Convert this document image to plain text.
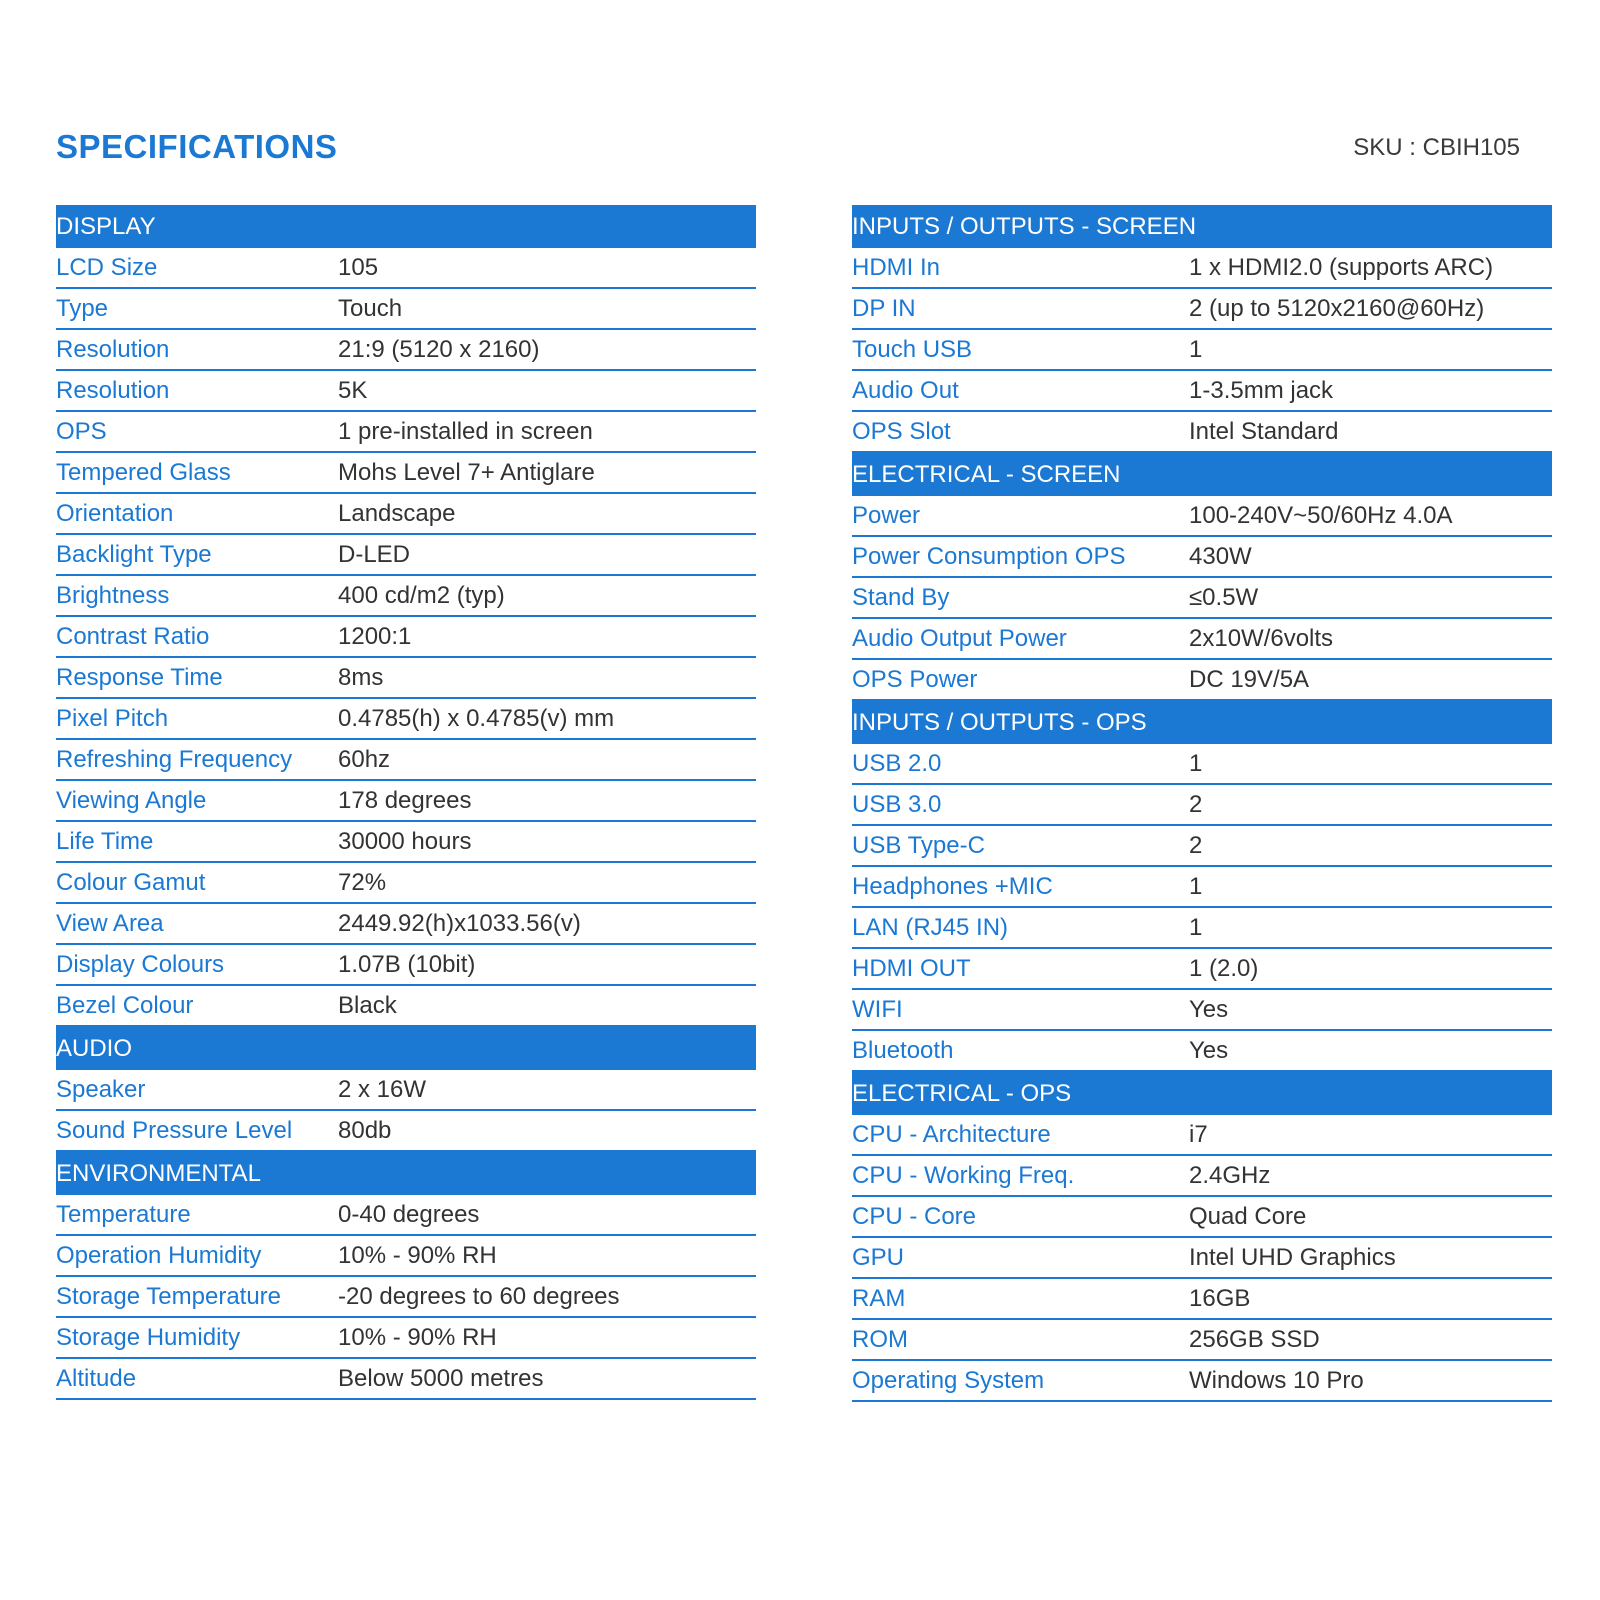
SPECIFICATIONS	SKU : CBIH105
DISPLAY
LCD Size	105
Type	Touch
Resolution	21:9 (5120 x 2160)
Resolution	5K
OPS	1 pre-installed in screen
Tempered Glass	Mohs Level 7+ Antiglare
Orientation	Landscape
Backlight Type	D-LED
Brightness	400 cd/m2 (typ)
Contrast Ratio	1200:1
Response Time	8ms
Pixel Pitch	0.4785(h) x 0.4785(v) mm
Refreshing Frequency	60hz
Viewing Angle	178 degrees
Life Time	30000 hours
Colour Gamut	72%
View Area	2449.92(h)x1033.56(v)
Display Colours	1.07B (10bit)
Bezel Colour	Black
AUDIO
Speaker	2 x 16W
Sound Pressure Level	80db
ENVIRONMENTAL
Temperature	0-40 degrees
Operation Humidity	10% - 90% RH
Storage Temperature	-20 degrees to 60 degrees
Storage Humidity	10% - 90% RH
Altitude	Below 5000 metres
INPUTS / OUTPUTS - SCREEN
HDMI In	1 x HDMI2.0 (supports ARC)
DP IN	2 (up to 5120x2160@60Hz)
Touch USB	1
Audio Out	1-3.5mm jack
OPS Slot	Intel Standard
ELECTRICAL - SCREEN
Power	100-240V~50/60Hz 4.0A
Power Consumption OPS	430W
Stand By	≤0.5W
Audio Output Power	2x10W/6volts
OPS Power	DC 19V/5A
INPUTS / OUTPUTS - OPS
USB 2.0	1
USB 3.0	2
USB Type-C	2
Headphones +MIC	1
LAN (RJ45 IN)	1
HDMI OUT	1 (2.0)
WIFI	Yes
Bluetooth	Yes
ELECTRICAL - OPS
CPU - Architecture	i7
CPU - Working Freq.	2.4GHz
CPU - Core	Quad Core
GPU	Intel UHD Graphics
RAM	16GB
ROM	256GB SSD
Operating System	Windows 10 Pro
